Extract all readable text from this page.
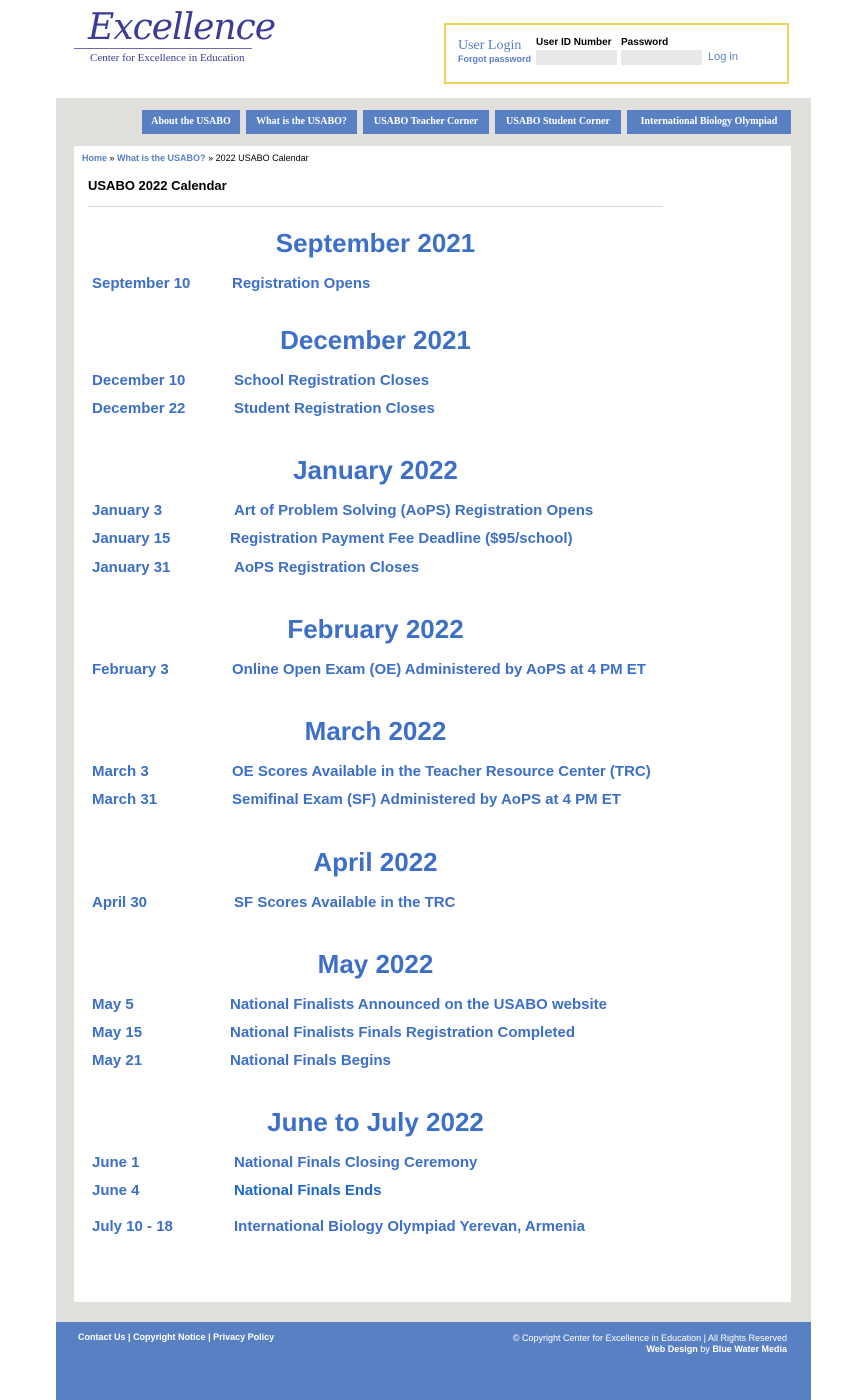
Excellence
Center for Excellence in Education
User Login
Forgot password
User ID Number Password
Log in
About the USABO	What is the USABO?	USABO Teacher Corner	USABO Student Corner	International Biology Olympiad
Home » What is the USABO? » 2022 USABO Calendar
USABO 2022 Calendar
September 2021
September 10	Registration Opens
December 2021
December 10	School Registration Closes
December 22	Student Registration Closes
January 2022
January 3	Art of Problem Solving (AoPS) Registration Opens
January 15	Registration Payment Fee Deadline ($95/school)
January 31	AoPS Registration Closes
February 2022
February 3	Online Open Exam (OE) Administered by AoPS at 4 PM ET
March 2022
March 3	OE Scores Available in the Teacher Resource Center (TRC)
March 31	Semifinal Exam (SF) Administered by AoPS at 4 PM ET
April 2022
April 30	SF Scores Available in the TRC
May 2022
May 5	National Finalists Announced on the USABO website
May 15	National Finalists Finals Registration Completed
May 21	National Finals Begins
June to July 2022
June 1	National Finals Closing Ceremony
June 4	National Finals Ends
July 10 - 18	International Biology Olympiad Yerevan, Armenia
Contact Us | Copyright Notice | Privacy Policy	© Copyright Center for Excellence in Education | All Rights Reserved
Web Design by Blue Water Media
